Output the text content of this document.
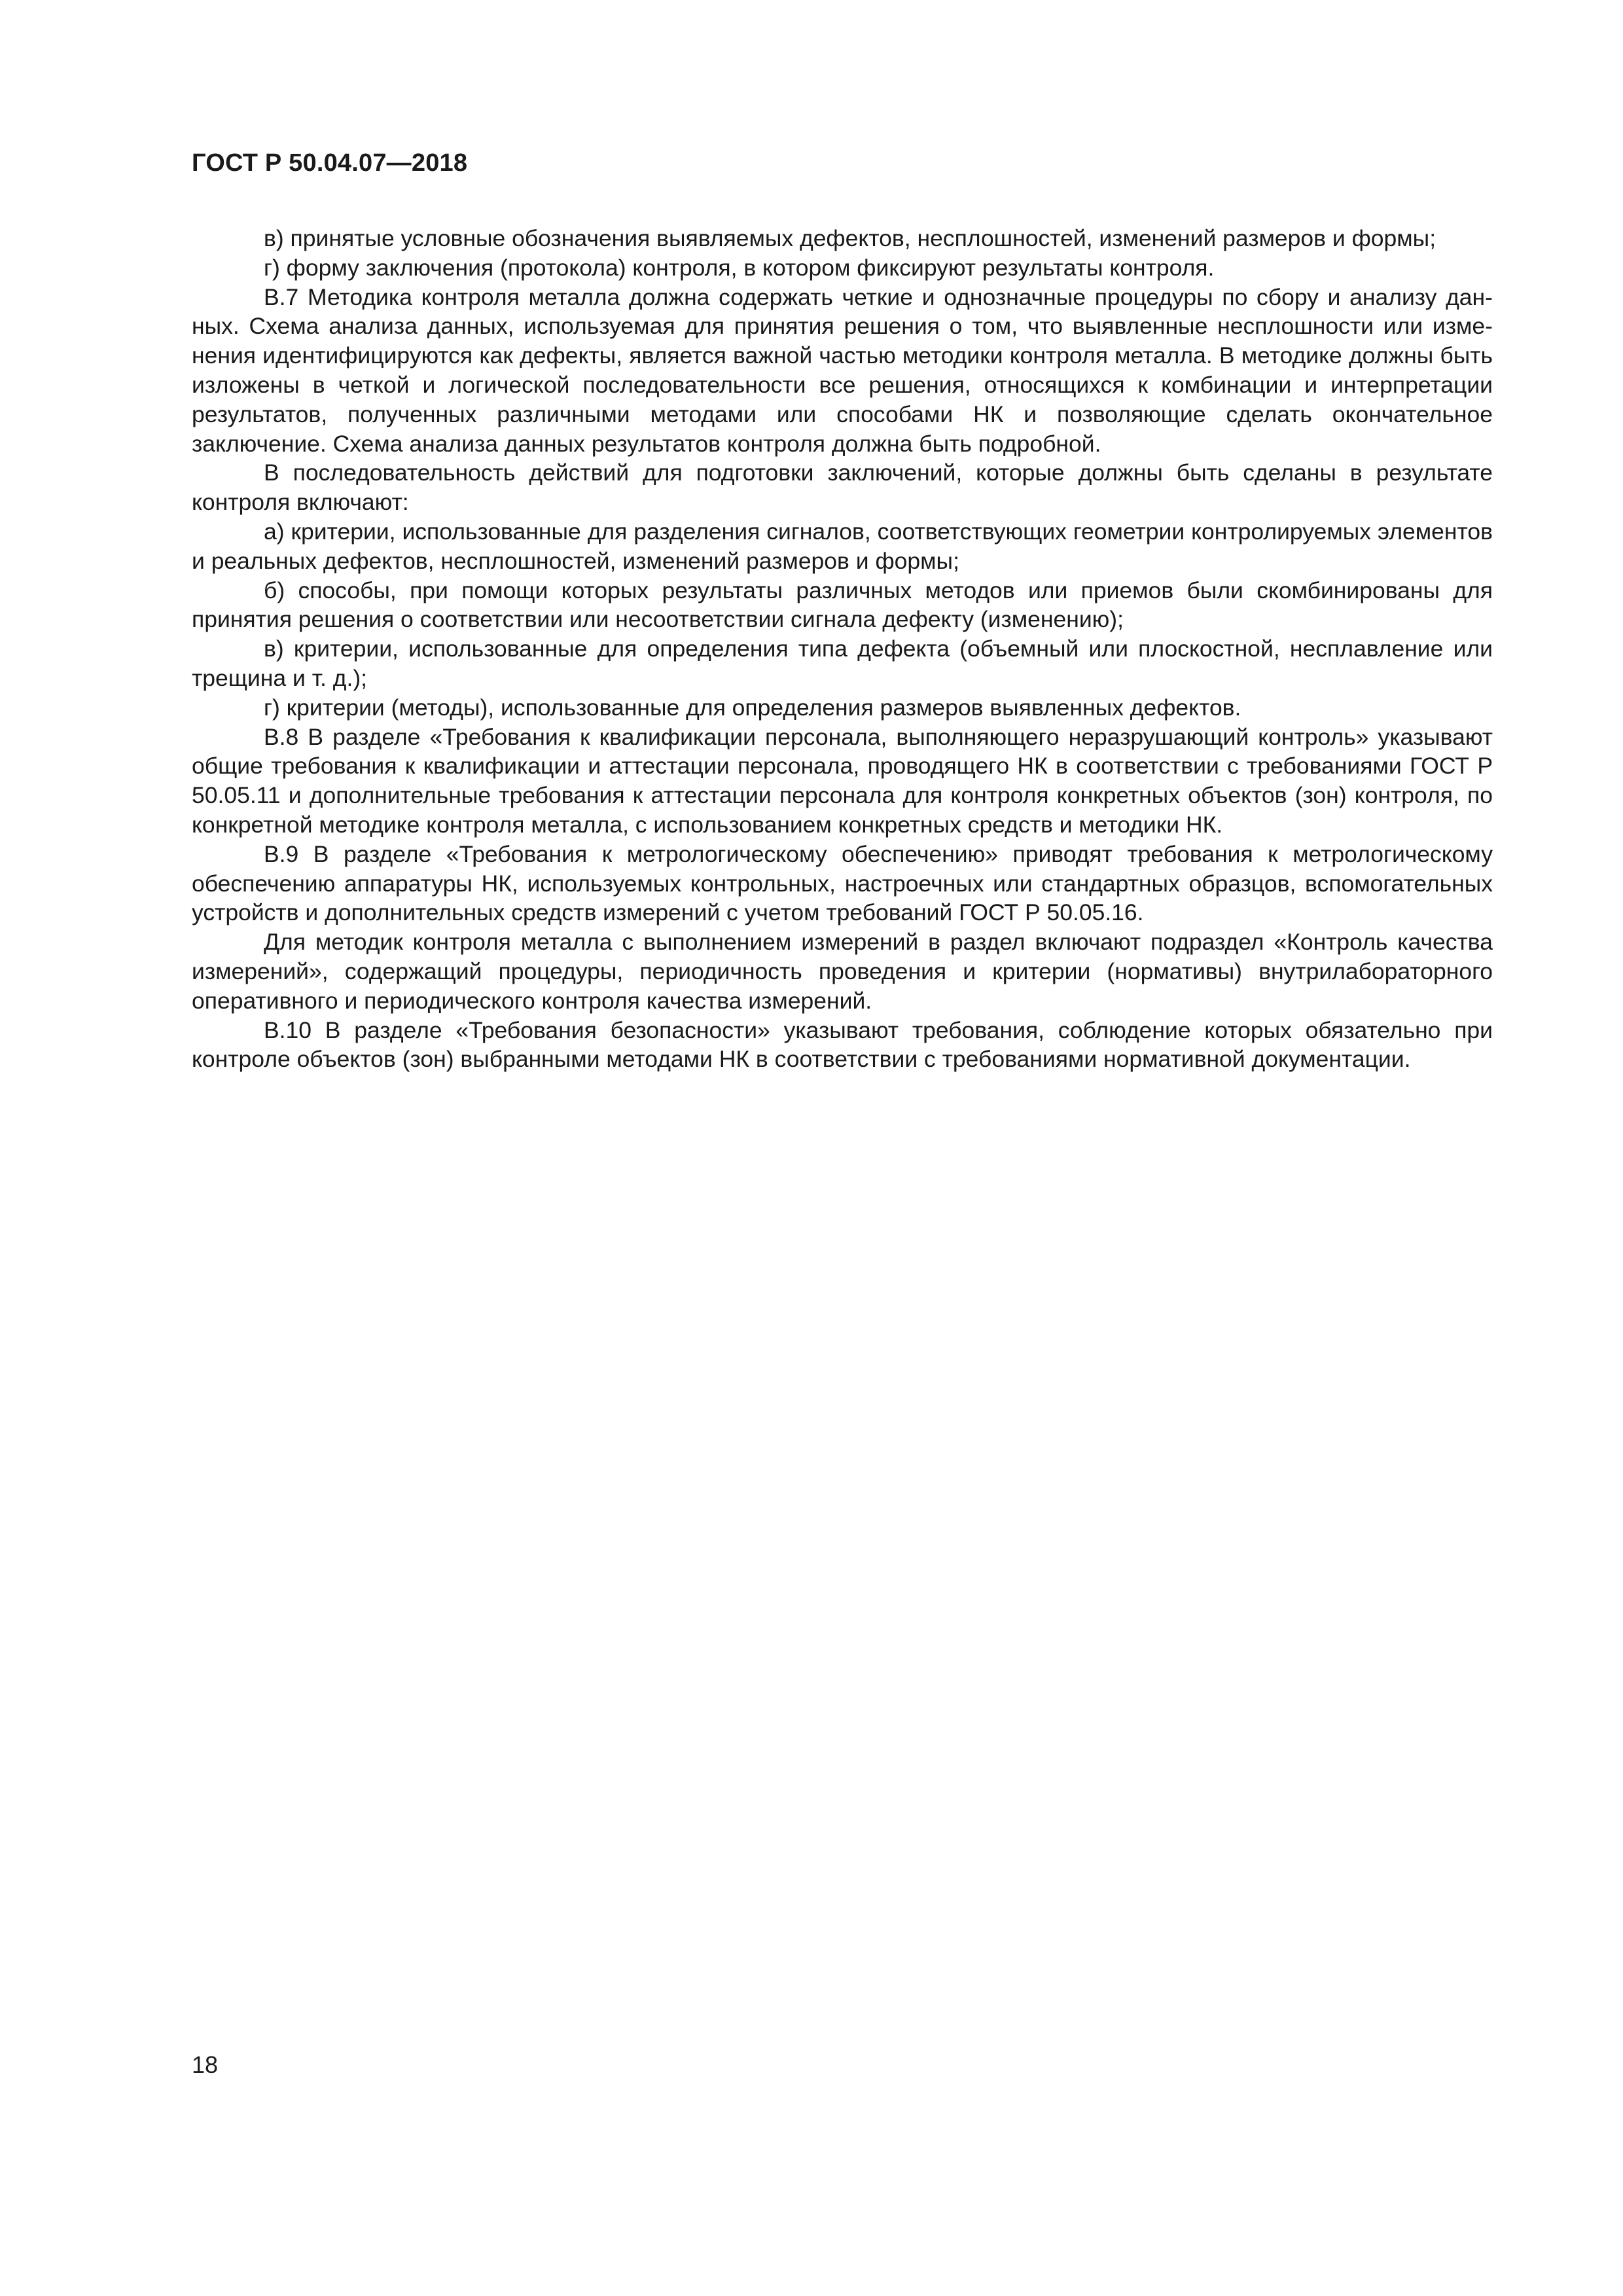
ГОСТ Р 50.04.07—2018

в) принятые условные обозначения выявляемых дефектов, несплошностей, изменений размеров и формы;

г) форму заключения (протокола) контроля, в котором фиксируют результаты контроля.

В.7 Методика контроля металла должна содержать четкие и однозначные процедуры по сбору и анализу данных. Схема анализа данных, используемая для принятия решения о том, что выявленные несплошности или изменения идентифицируются как дефекты, является важной частью методики контроля металла. В методике должны быть изложены в четкой и логической последовательности все решения, относящихся к комбинации и интерпретации результатов, полученных различными методами или способами НК и позволяющие сделать окончательное заключение. Схема анализа данных результатов контроля должна быть подробной.

В последовательность действий для подготовки заключений, которые должны быть сделаны в результате контроля включают:

а) критерии, использованные для разделения сигналов, соответствующих геометрии контролируемых элементов и реальных дефектов, несплошностей, изменений размеров и формы;

б) способы, при помощи которых результаты различных методов или приемов были скомбинированы для принятия решения о соответствии или несоответствии сигнала дефекту (изменению);

в) критерии, использованные для определения типа дефекта (объемный или плоскостной, несплавление или трещина и т. д.);

г) критерии (методы), использованные для определения размеров выявленных дефектов.

В.8 В разделе «Требования к квалификации персонала, выполняющего неразрушающий контроль» указывают общие требования к квалификации и аттестации персонала, проводящего НК в соответствии с требованиями ГОСТ Р 50.05.11 и дополнительные требования к аттестации персонала для контроля конкретных объектов (зон) контроля, по конкретной методике контроля металла, с использованием конкретных средств и методики НК.

В.9 В разделе «Требования к метрологическому обеспечению» приводят требования к метрологическому обеспечению аппаратуры НК, используемых контрольных, настроечных или стандартных образцов, вспомогательных устройств и дополнительных средств измерений с учетом требований ГОСТ Р 50.05.16.

Для методик контроля металла с выполнением измерений в раздел включают подраздел «Контроль качества измерений», содержащий процедуры, периодичность проведения и критерии (нормативы) внутрилабораторного оперативного и периодического контроля качества измерений.

В.10 В разделе «Требования безопасности» указывают требования, соблюдение которых обязательно при контроле объектов (зон) выбранными методами НК в соответствии с требованиями нормативной документации.

18
